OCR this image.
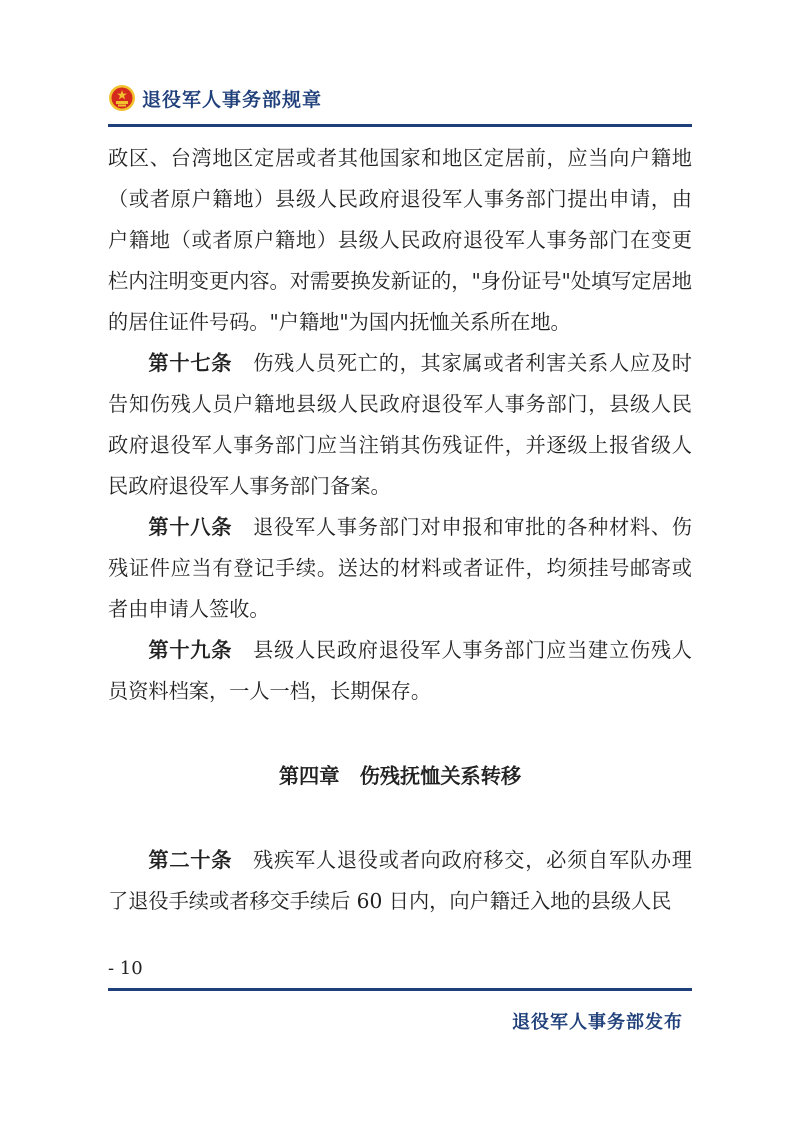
退役军人事务部规章

政区、台湾地区定居或者其他国家和地区定居前，应当向户籍地（或者原户籍地）县级人民政府退役军人事务部门提出申请，由户籍地（或者原户籍地）县级人民政府退役军人事务部门在变更栏内注明变更内容。对需要换发新证的，"身份证号"处填写定居地的居住证件号码。"户籍地"为国内抚恤关系所在地。

第十七条　 伤残人员死亡的，其家属或者利害关系人应及时告知伤残人员户籍地县级人民政府退役军人事务部门，县级人民政府退役军人事务部门应当注销其伤残证件，并逐级上报省级人民政府退役军人事务部门备案。

第十八条　 退役军人事务部门对申报和审批的各种材料、伤残证件应当有登记手续。送达的材料或者证件，均须挂号邮寄或者由申请人签收。

第十九条　 县级人民政府退役军人事务部门应当建立伤残人员资料档案，一人一档，长期保存。

第四章　伤残抚恤关系转移

第二十条　 残疾军人退役或者向政府移交，必须自军队办理了退役手续或者移交手续后 60 日内，向户籍迁入地的县级人民

- 10
退役军人事务部发布
